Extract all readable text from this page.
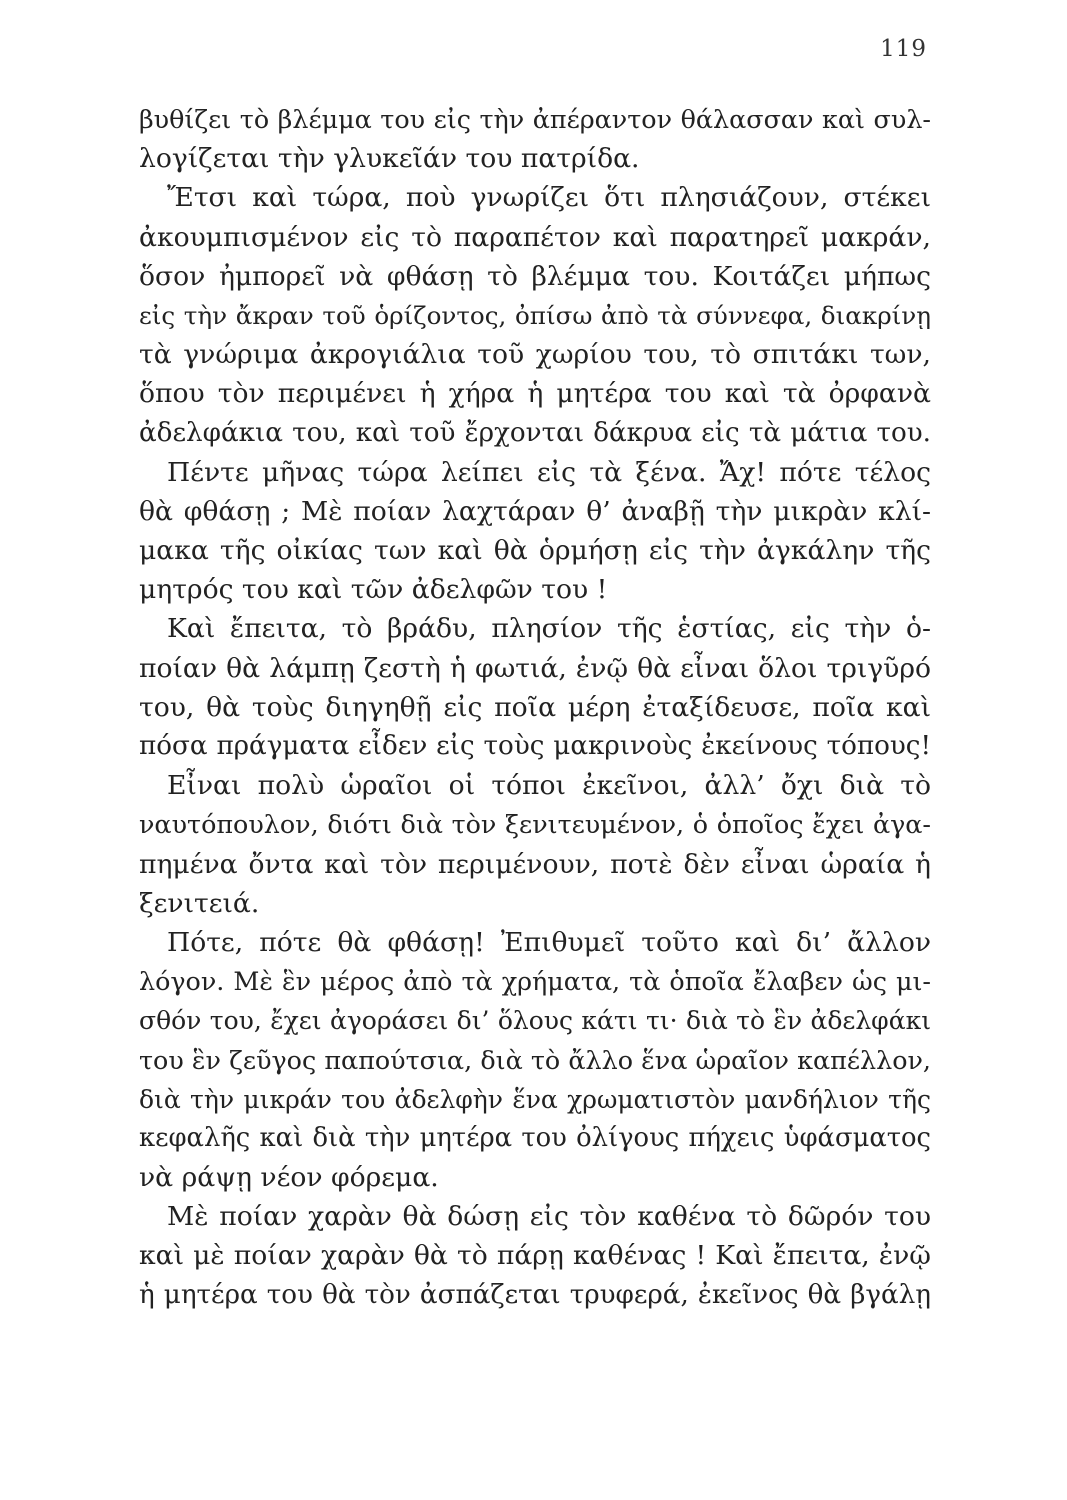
119
βυθίζει τὸ βλέμμα του εἰς τὴν ἀπέραντον θάλασσαν καὶ συλ-
λογίζεται τὴν γλυκεῖάν του πατρίδα.
Ἔτσι καὶ τώρα, ποὺ γνωρίζει ὅτι πλησιάζουν, στέκει
ἀκουμπισμένον εἰς τὸ παραπέτον καὶ παρατηρεῖ μακράν,
ὅσον ἠμπορεῖ νὰ φθάσῃ τὸ βλέμμα του. Κοιτάζει μήπως
εἰς τὴν ἄκραν τοῦ ὁρίζοντος, ὀπίσω ἀπὸ τὰ σύννεφα, διακρίνῃ
τὰ γνώριμα ἀκρογιάλια τοῦ χωρίου του, τὸ σπιτάκι των,
ὅπου τὸν περιμένει ἡ χήρα ἡ μητέρα του καὶ τὰ ὀρφανὰ
ἀδελφάκια του, καὶ τοῦ ἔρχονται δάκρυα εἰς τὰ μάτια του.
Πέντε μῆνας τώρα λείπει εἰς τὰ ξένα. Ἄχ! πότε τέλος
θὰ φθάσῃ ; Μὲ ποίαν λαχτάραν θ’ ἀναβῇ τὴν μικρὰν κλί-
μακα τῆς οἰκίας των καὶ θὰ ὁρμήσῃ εἰς τὴν ἀγκάλην τῆς
μητρός του καὶ τῶν ἀδελφῶν του !
Καὶ ἔπειτα, τὸ βράδυ, πλησίον τῆς ἑστίας, εἰς τὴν ὁ-
ποίαν θὰ λάμπῃ ζεστὴ ἡ φωτιά, ἐνῷ θὰ εἶναι ὅλοι τριγῦρό
του, θὰ τοὺς διηγηθῇ εἰς ποῖα μέρη ἐταξίδευσε, ποῖα καὶ
πόσα πράγματα εἶδεν εἰς τοὺς μακρινοὺς ἐκείνους τόπους!
Εἶναι πολὺ ὡραῖοι οἱ τόποι ἐκεῖνοι, ἀλλ’ ὄχι διὰ τὸ
ναυτόπουλον, διότι διὰ τὸν ξενιτευμένον, ὁ ὁποῖος ἔχει ἀγα-
πημένα ὄντα καὶ τὸν περιμένουν, ποτὲ δὲν εἶναι ὡραία ἡ
ξενιτειά.
Πότε, πότε θὰ φθάσῃ! Ἐπιθυμεῖ τοῦτο καὶ δι’ ἄλλον
λόγον. Μὲ ἓν μέρος ἀπὸ τὰ χρήματα, τὰ ὁποῖα ἔλαβεν ὡς μι-
σθόν του, ἔχει ἀγοράσει δι’ ὅλους κάτι τι· διὰ τὸ ἓν ἀδελφάκι
του ἓν ζεῦγος παπούτσια, διὰ τὸ ἄλλο ἕνα ὡραῖον καπέλλον,
διὰ τὴν μικράν του ἀδελφὴν ἕνα χρωματιστὸν μανδήλιον τῆς
κεφαλῆς καὶ διὰ τὴν μητέρα του ὀλίγους πήχεις ὑφάσματος
νὰ ράψῃ νέον φόρεμα.
Μὲ ποίαν χαρὰν θὰ δώσῃ εἰς τὸν καθένα τὸ δῶρόν του
καὶ μὲ ποίαν χαρὰν θὰ τὸ πάρῃ καθένας ! Καὶ ἔπειτα, ἐνῷ
ἡ μητέρα του θὰ τὸν ἀσπάζεται τρυφερά, ἐκεῖνος θὰ βγάλῃ
